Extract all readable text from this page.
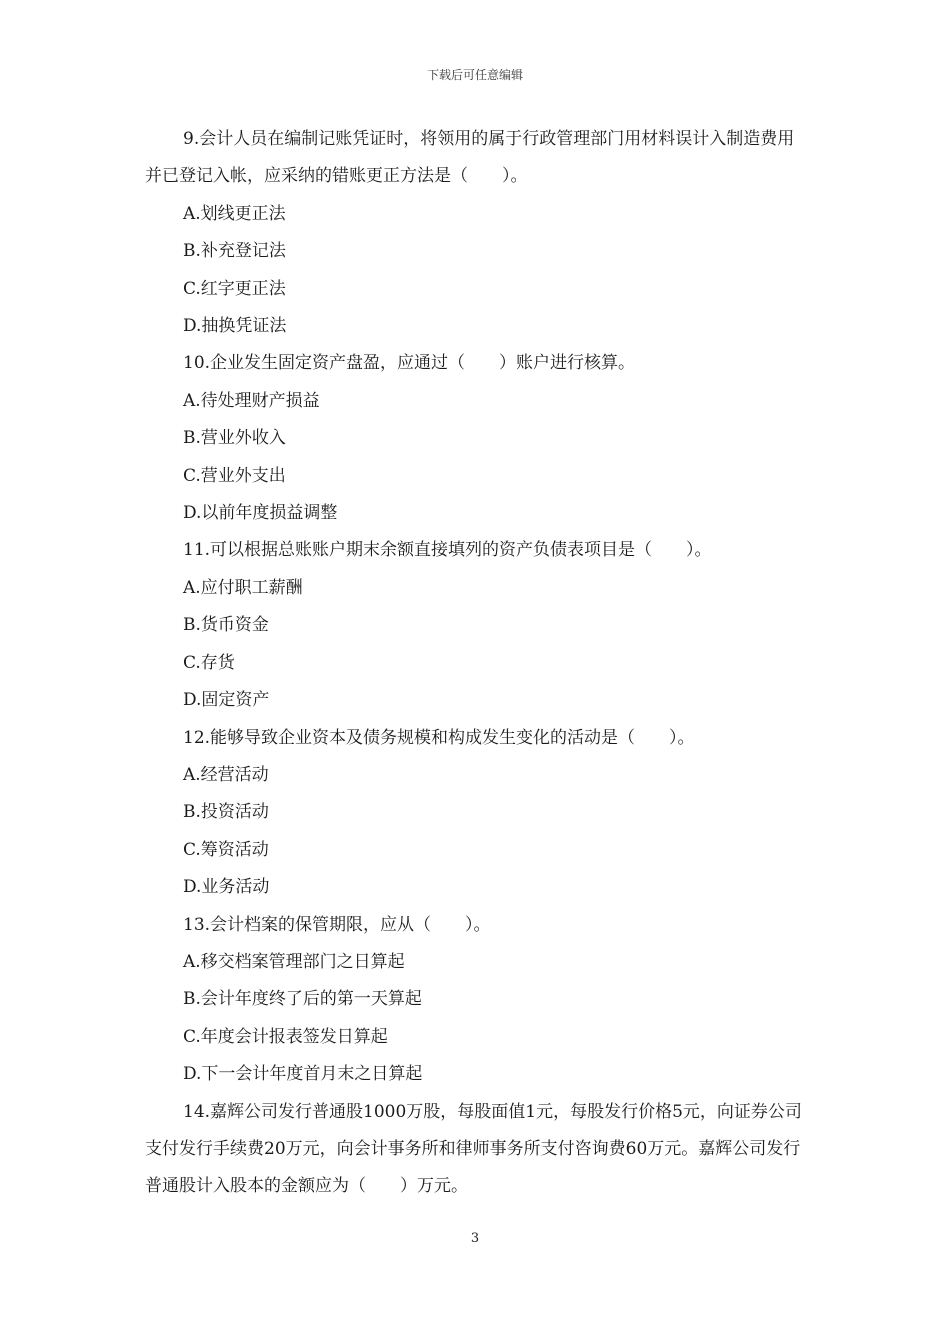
下载后可任意编辑

9.会计人员在编制记账凭证时，将领用的属于行政管理部门用材料误计入制造费用并已登记入帐，应采纳的错账更正方法是（　　）。

A.划线更正法

B.补充登记法

C.红字更正法

D.抽换凭证法

10.企业发生固定资产盘盈，应通过（　　）账户进行核算。

A.待处理财产损益

B.营业外收入

C.营业外支出

D.以前年度损益调整

11.可以根据总账账户期末余额直接填列的资产负债表项目是（　　）。

A.应付职工薪酬

B.货币资金

C.存货

D.固定资产

12.能够导致企业资本及债务规模和构成发生变化的活动是（　　）。

A.经营活动

B.投资活动

C.筹资活动

D.业务活动

13.会计档案的保管期限，应从（　　）。

A.移交档案管理部门之日算起

B.会计年度终了后的第一天算起

C.年度会计报表签发日算起

D.下一会计年度首月末之日算起

14.嘉辉公司发行普通股1000万股，每股面值1元，每股发行价格5元，向证券公司支付发行手续费20万元，向会计事务所和律师事务所支付咨询费60万元。嘉辉公司发行普通股计入股本的金额应为（　　）万元。

3
